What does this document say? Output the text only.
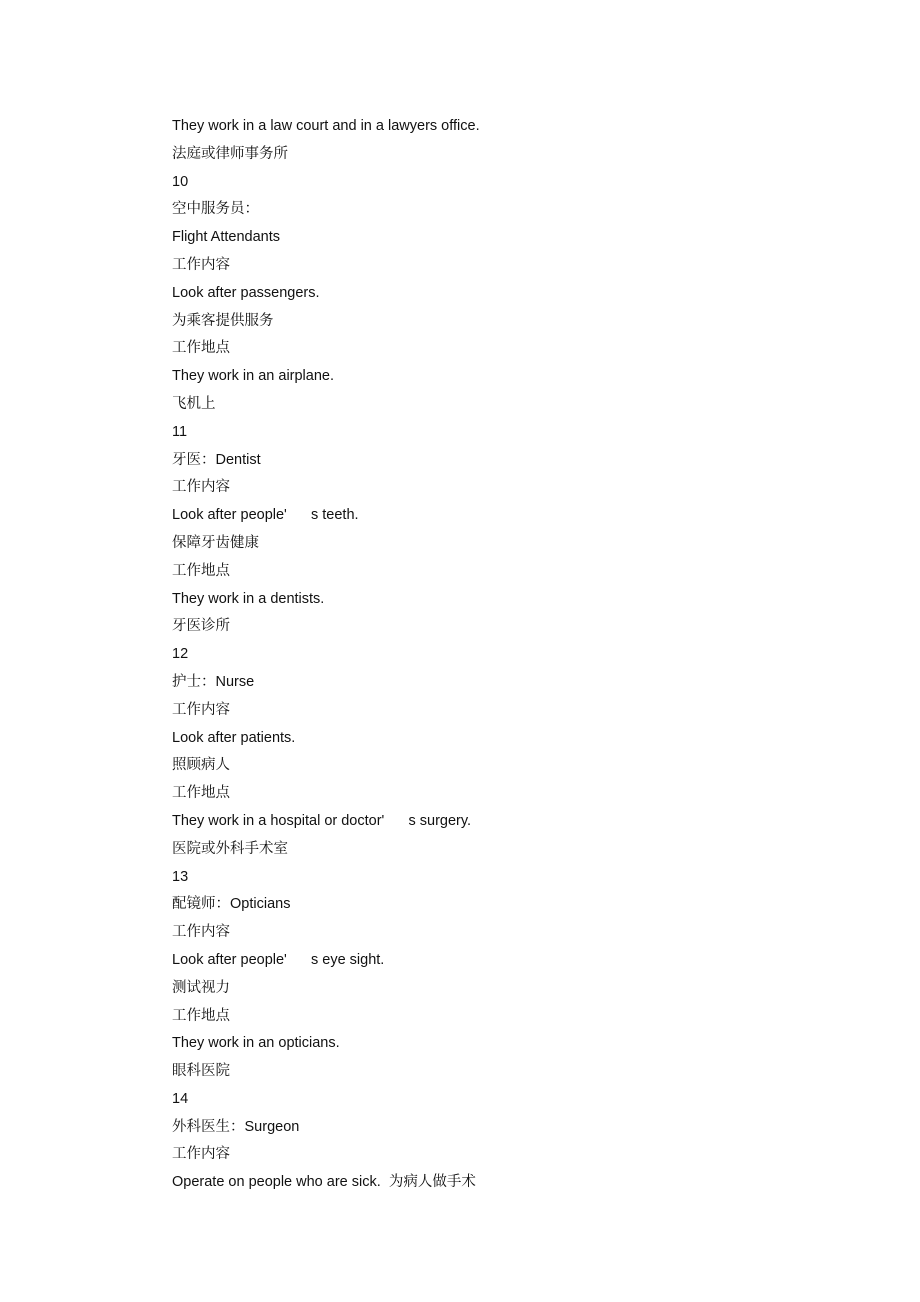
They work in a law court and in a lawyers office.
法庭或律师事务所
10
空中服务员：
Flight Attendants
工作内容
Look after passengers.
为乘客提供服务
工作地点
They work in an airplane.
飞机上
11
牙医：Dentist
工作内容
Look after people'      s teeth.
保障牙齿健康
工作地点
They work in a dentists.
牙医诊所
12
护士：Nurse
工作内容
Look after patients.
照顾病人
工作地点
They work in a hospital or doctor'      s surgery.
医院或外科手术室
13
配镜师：Opticians
工作内容
Look after people'      s eye sight.
测试视力
工作地点
They work in an opticians.
眼科医院
14
外科医生：Surgeon
工作内容
Operate on people who are sick.  为病人做手术
